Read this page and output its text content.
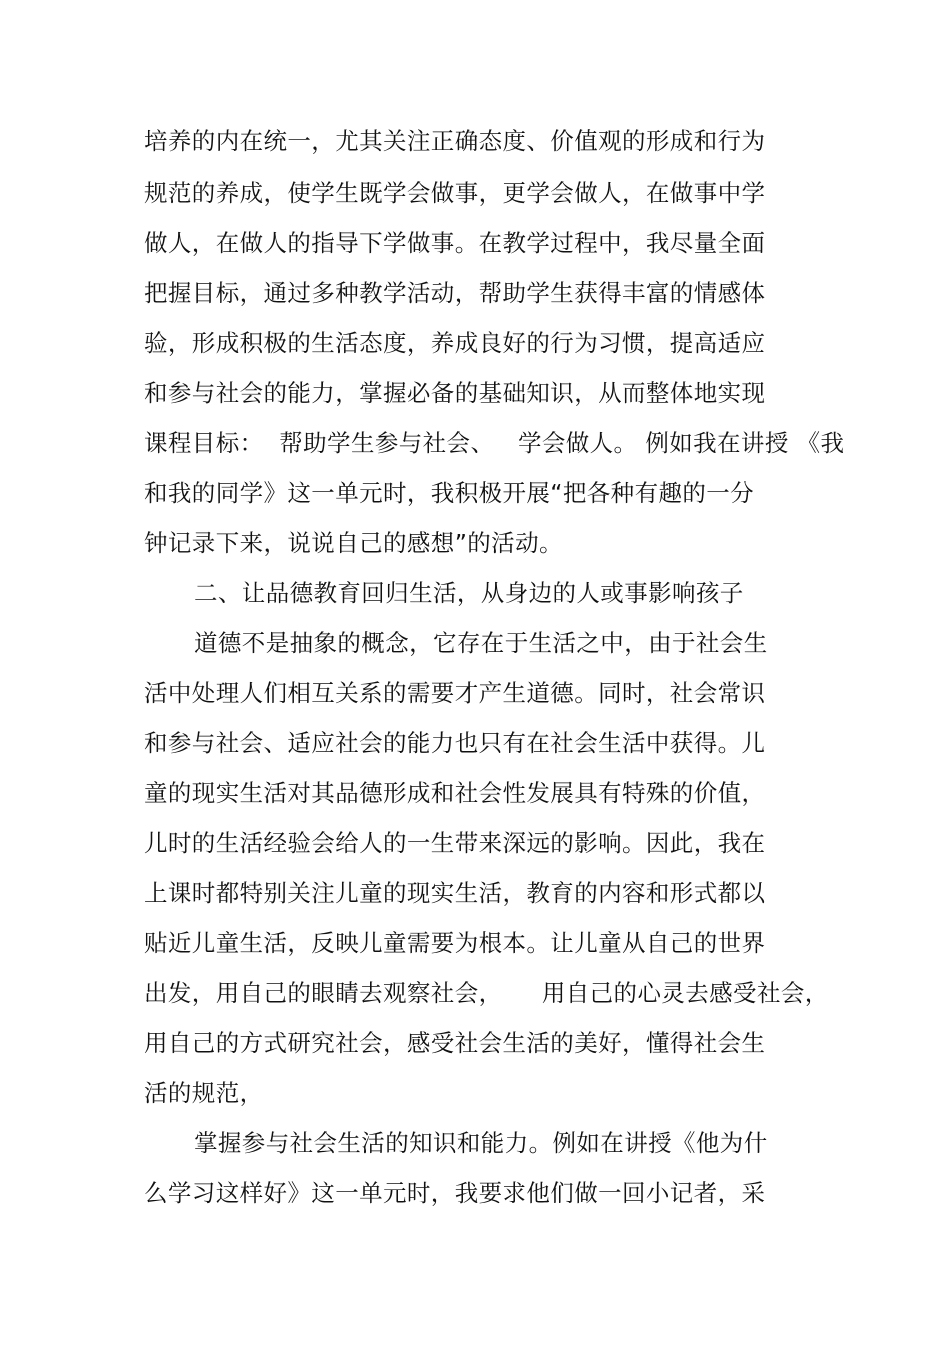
培养的内在统一，尤其关注正确态度、价值观的形成和行为
规范的养成，使学生既学会做事，更学会做人，在做事中学
做人，在做人的指导下学做事。在教学过程中，我尽量全面
把握目标，通过多种教学活动，帮助学生获得丰富的情感体
验，形成积极的生活态度，养成良好的行为习惯，提高适应
和参与社会的能力，掌握必备的基础知识，从而整体地实现
课程目标：  帮助学生参与社会、   学会做人。 例如我在讲授 《我
和我的同学》这一单元时，我积极开展“把各种有趣的一分
钟记录下来，说说自己的感想”的活动。
二、让品德教育回归生活，从身边的人或事影响孩子
道德不是抽象的概念，它存在于生活之中，由于社会生
活中处理人们相互关系的需要才产生道德。同时，社会常识
和参与社会、适应社会的能力也只有在社会生活中获得。儿
童的现实生活对其品德形成和社会性发展具有特殊的价值，
儿时的生活经验会给人的一生带来深远的影响。因此，我在
上课时都特别关注儿童的现实生活，教育的内容和形式都以
贴近儿童生活，反映儿童需要为根本。让儿童从自己的世界
出发，用自己的眼睛去观察社会，     用自己的心灵去感受社会，
用自己的方式研究社会，感受社会生活的美好，懂得社会生
活的规范，
掌握参与社会生活的知识和能力。例如在讲授《他为什
么学习这样好》这一单元时，我要求他们做一回小记者，采
